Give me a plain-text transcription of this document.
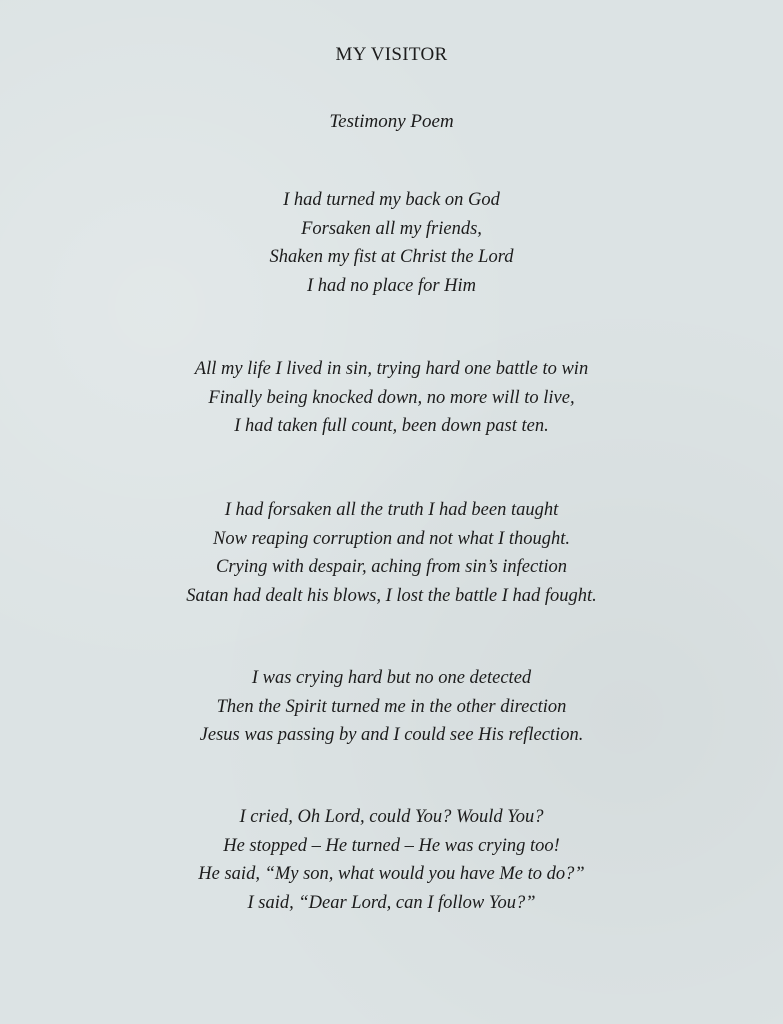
MY VISITOR
Testimony Poem
I had turned my back on God
Forsaken all my friends,
Shaken my fist at Christ the Lord
I had no place for Him
All my life I lived in sin, trying hard one battle to win
Finally being knocked down, no more will to live,
I had taken full count, been down past ten.
I had forsaken all the truth I had been taught
Now reaping corruption and not what I thought.
Crying with despair, aching from sin’s infection
Satan had dealt his blows, I lost the battle I had fought.
I was crying hard but no one detected
Then the Spirit turned me in the other direction
Jesus was passing by and I could see His reflection.
I cried, Oh Lord, could You? Would You?
He stopped – He turned – He was crying too!
He said, “My son, what would you have Me to do?”
I said, “Dear Lord, can I follow You?”
